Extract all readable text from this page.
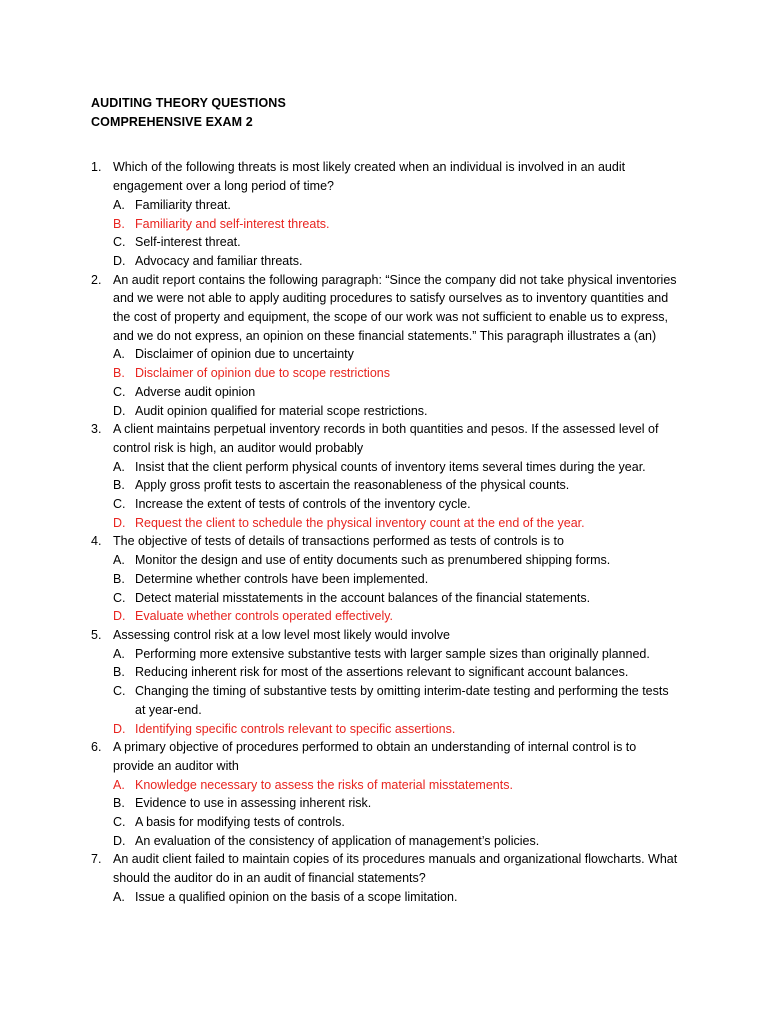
AUDITING THEORY QUESTIONS

COMPREHENSIVE EXAM 2

1. Which of the following threats is most likely created when an individual is involved in an audit engagement over a long period of time?
A. Familiarity threat.
B. Familiarity and self-interest threats.
C. Self-interest threat.
D. Advocacy and familiar threats.
2. An audit report contains the following paragraph: “Since the company did not take physical inventories and we were not able to apply auditing procedures to satisfy ourselves as to inventory quantities and the cost of property and equipment, the scope of our work was not sufficient to enable us to express, and we do not express, an opinion on these financial statements.” This paragraph illustrates a (an)
A. Disclaimer of opinion due to uncertainty
B. Disclaimer of opinion due to scope restrictions
C. Adverse audit opinion
D. Audit opinion qualified for material scope restrictions.
3. A client maintains perpetual inventory records in both quantities and pesos. If the assessed level of control risk is high, an auditor would probably
A. Insist that the client perform physical counts of inventory items several times during the year.
B. Apply gross profit tests to ascertain the reasonableness of the physical counts.
C. Increase the extent of tests of controls of the inventory cycle.
D. Request the client to schedule the physical inventory count at the end of the year.
4. The objective of tests of details of transactions performed as tests of controls is to
A. Monitor the design and use of entity documents such as prenumbered shipping forms.
B. Determine whether controls have been implemented.
C. Detect material misstatements in the account balances of the financial statements.
D. Evaluate whether controls operated effectively.
5. Assessing control risk at a low level most likely would involve
A. Performing more extensive substantive tests with larger sample sizes than originally planned.
B. Reducing inherent risk for most of the assertions relevant to significant account balances.
C. Changing the timing of substantive tests by omitting interim-date testing and performing the tests at year-end.
D. Identifying specific controls relevant to specific assertions.
6. A primary objective of procedures performed to obtain an understanding of internal control is to provide an auditor with
A. Knowledge necessary to assess the risks of material misstatements.
B. Evidence to use in assessing inherent risk.
C. A basis for modifying tests of controls.
D. An evaluation of the consistency of application of management’s policies.
7. An audit client failed to maintain copies of its procedures manuals and organizational flowcharts. What should the auditor do in an audit of financial statements?
A. Issue a qualified opinion on the basis of a scope limitation.
